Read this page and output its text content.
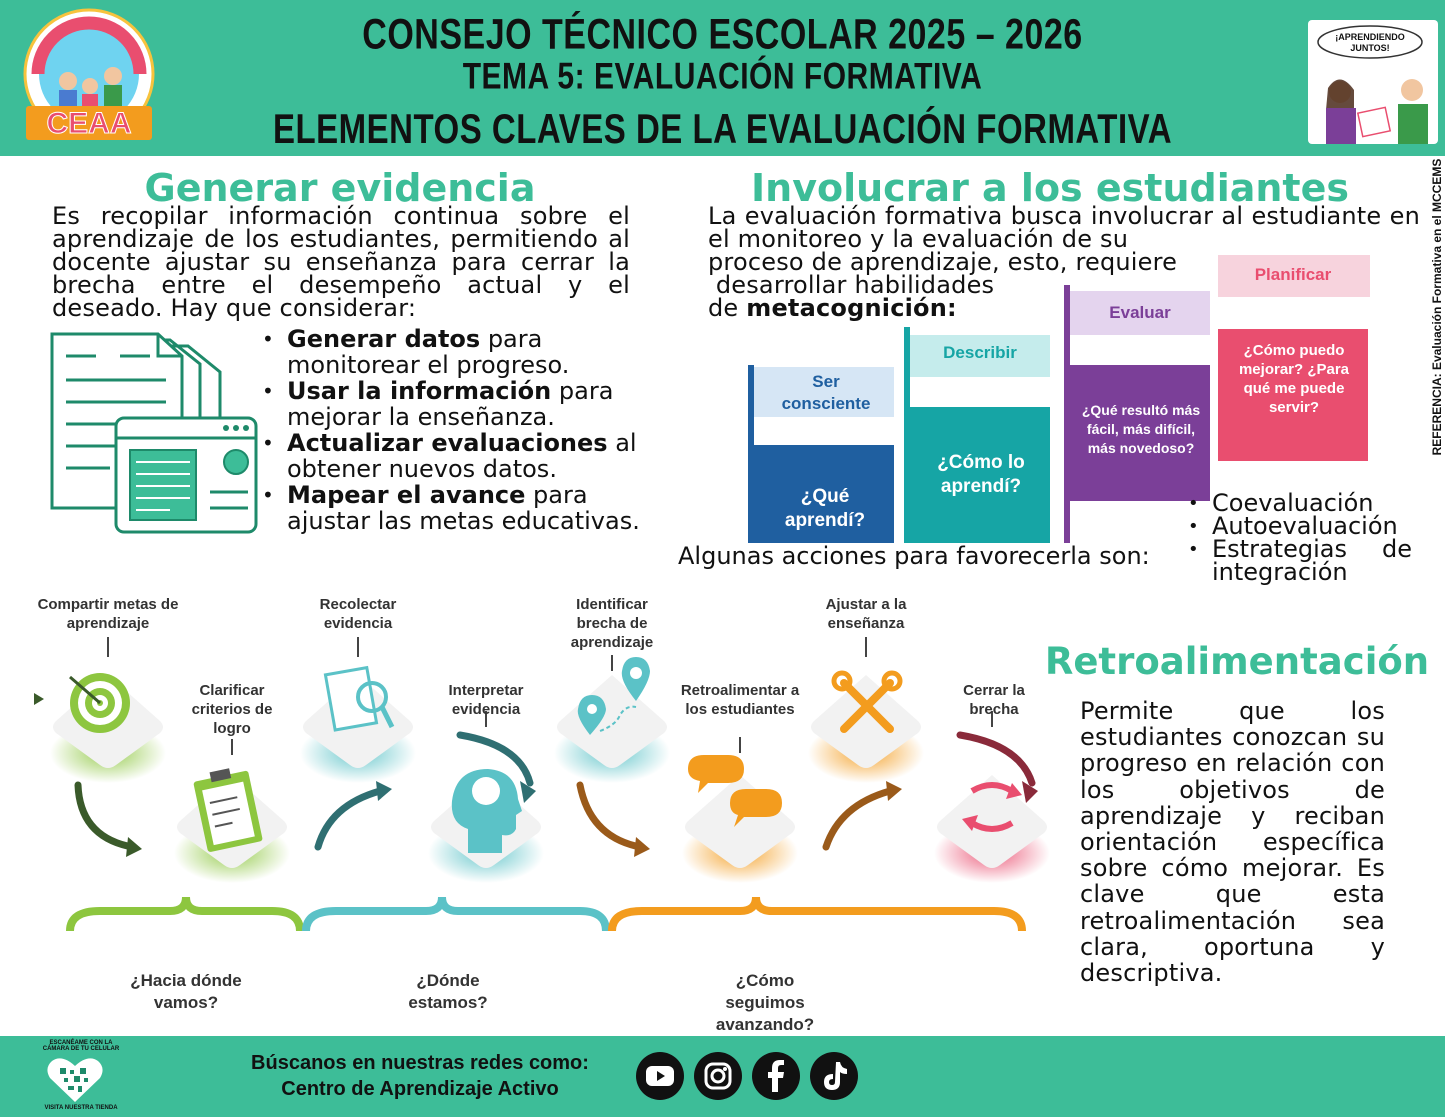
CEAA
CONSEJO TÉCNICO ESCOLAR 2025 – 2026
TEMA 5: EVALUACIÓN FORMATIVA
ELEMENTOS CLAVES DE LA EVALUACIÓN FORMATIVA
¡APRENDIENDO
JUNTOS!
REFERENCIA: Evaluación Formativa en el MCCEMS
Generar evidencia
Es recopilar información continua sobre el aprendizaje de los estudiantes, permitiendo al docente ajustar su enseñanza para cerrar la brecha entre el desempeño actual y el deseado. Hay que considerar:
• Generar datos para monitorear el progreso.
• Usar la información para mejorar la enseñanza.
• Actualizar evaluaciones al obtener nuevos datos.
• Mapear el avance para ajustar las metas educativas.
Involucrar a los estudiantes
La evaluación formativa busca involucrar al estudiante en el monitoreo y la evaluación de su
proceso de aprendizaje, esto, requiere
desarrollar habilidades
de metacognición:
Ser consciente
¿Qué aprendí?
Describir
¿Cómo lo aprendí?
Evaluar
¿Qué resultó más fácil, más difícil, más novedoso?
Planificar
¿Cómo puedo mejorar? ¿Para qué me puede servir?
Algunas acciones para favorecerla son:
• Coevaluación
• Autoevaluación
• Estrategias de integración
Retroalimentación
Permite que los estudiantes conozcan su progreso en relación con los objetivos de aprendizaje y reciban orientación específica sobre cómo mejorar. Es clave que esta retroalimentación sea clara, oportuna y descriptiva.
Compartir metas de aprendizaje
Clarificar criterios de logro
Recolectar evidencia
Interpretar evidencia
Identificar brecha de aprendizaje
Retroalimentar a los estudiantes
Ajustar a la enseñanza
Cerrar la brecha
¿Hacia dónde vamos?
¿Dónde estamos?
¿Cómo seguimos avanzando?
ESCANÉAME CON LA CÁMARA DE TU CELULAR
VISITA NUESTRA TIENDA
Búscanos en nuestras redes como:
Centro de Aprendizaje Activo
